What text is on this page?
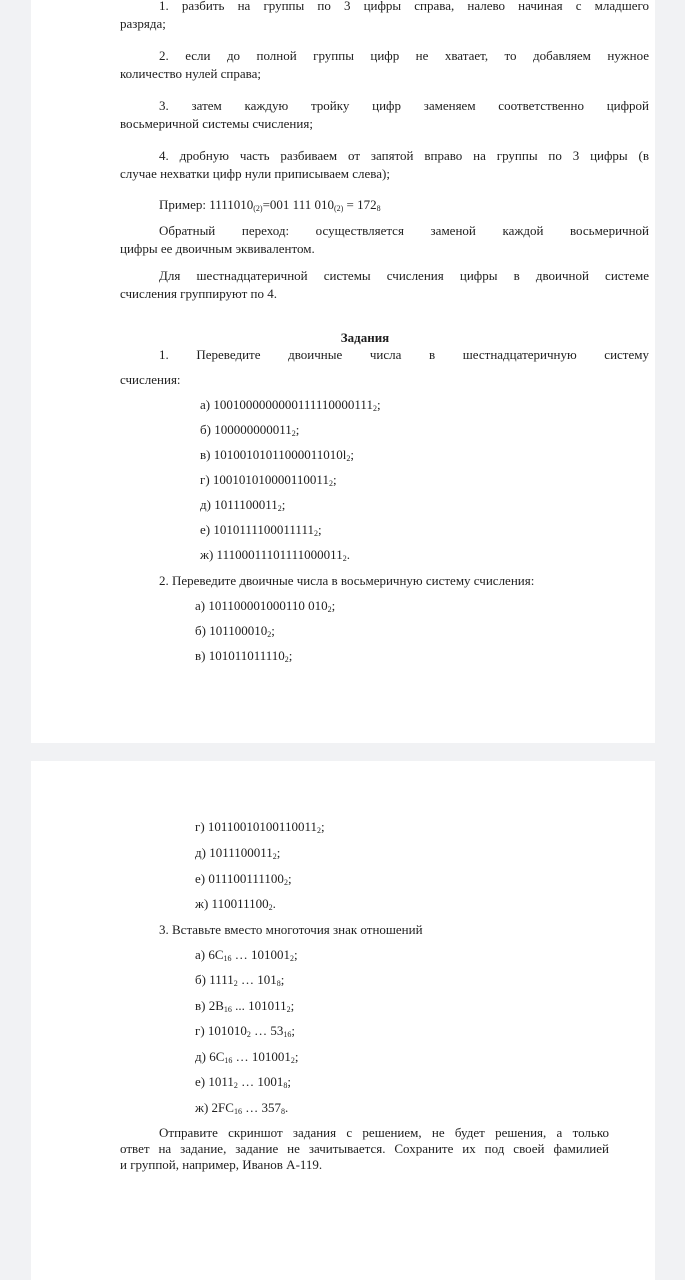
1. разбить на группы по 3 цифры справа, налево начиная с младшего

разряда;

2. если до полной группы цифр не хватает, то добавляем нужное

количество нулей справа;

3. затем каждую тройку цифр заменяем соответственно цифрой

восьмеричной системы счисления;

4. дробную часть разбиваем от запятой вправо на группы по 3 цифры (в

случае нехватки цифр нули приписываем слева);

Пример: $1111010_{(2)}=001$ 111 $010_{(2)} = 172_8$

Обратный переход: осуществляется заменой каждой восьмеричной

цифры ее двоичным эквивалентом.

Для шестнадцатеричной системы счисления цифры в двоичной системе

счисления группируют по 4.

Задания

1. Переведите двоичные числа в шестнадцатеричную систему

счисления:

а) $1001000000000111110000111_2$;

б) $100000000011_2$;

в) $10100101011000011010l_2$;

г) $100101010000110011_2$;

д) $1011100011_2$;

е) $1010111100011111_2$;

ж) $11100011101111000011_2$.

2. Переведите двоичные числа в восьмеричную систему счисления:

а) 101100001000110 $010_2$;

б) $101100010_2$;

в) $101011011110_2$;

г) $10110010100110011_2$;

д) $1011100011_2$;

е) $011100111100_2$;

ж) $110011100_2$.

3. Вставьте вместо многоточия знак отношений

а) $6C_{16}$ … $101001_2$;

б) $1111_2$ … $101_8$;

в) $2B_{16}$ ... $101011_2$;

г) $101010_2$ … $53_{16}$;

д) $6C_{16}$ … $101001_2$;

е) $1011_2$ … $1001_8$;

ж) $2FC_{16}$ … $357_8$.

Отправите скриншот задания с решением, не будет решения, а только

ответ на задание, задание не зачитывается. Сохраните их под своей фамилией

и группой, например, Иванов А-119.
